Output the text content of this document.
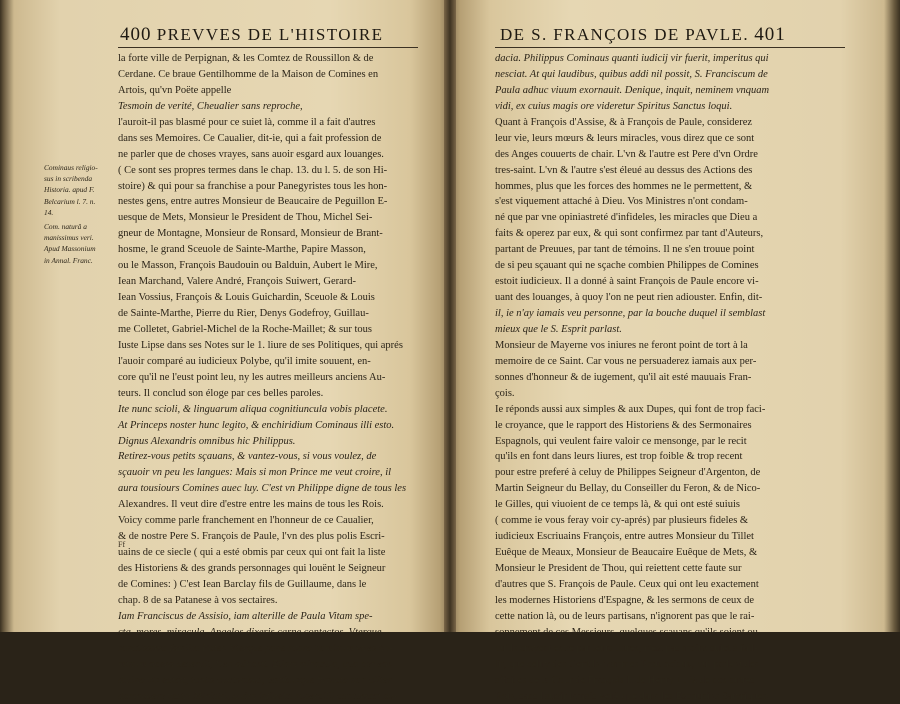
400 PREVVES DE L'HISTOIRE
Cominaus religio-
sus in scribenda
Historia. apud F.
Belcarium l. 7. n.
14.
Com. naturâ a
manissimus veri.
Apud Massonium
in Annal. Franc.
la forte ville de Perpignan, & les Comtez de Roussillon & de
Cerdane. Ce braue Gentilhomme de la Maison de Comines en
Artois, qu'vn Poëte appelle
Tesmoin de verité, Cheualier sans reproche,
l'auroit-il pas blasmé pour ce suiet là, comme il a fait d'autres
dans ses Memoires. Ce Caualier, dit-ie, qui a fait profession de
ne parler que de choses vrayes, sans auoir esgard aux louanges.
( Ce sont ses propres termes dans le chap. 13. du l. 5. de son Hi-
stoire) & qui pour sa franchise a pour Panegyristes tous les hon-
nestes gens, entre autres Monsieur de Beaucaire de Peguillon E-
uesque de Mets, Monsieur le President de Thou, Michel Sei-
gneur de Montagne, Monsieur de Ronsard, Monsieur de Brant-
hosme, le grand Sceuole de Sainte-Marthe, Papire Masson,
ou le Masson, François Baudouin ou Balduin, Aubert le Mire,
Iean Marchand, Valere André, François Suiwert, Gerard-
Iean Vossius, François & Louis Guichardin, Sceuole & Louis
de Sainte-Marthe, Pierre du Rier, Denys Godefroy, Guillau-
me Colletet, Gabriel-Michel de la Roche-Maillet; & sur tous
Iuste Lipse dans ses Notes sur le 1. liure de ses Politiques, qui aprés
l'auoir comparé au iudicieux Polybe, qu'il imite souuent, en-
core qu'il ne l'eust point leu, ny les autres meilleurs anciens Au-
teurs. Il conclud son éloge par ces belles paroles.
Ite nunc scioli, & linguarum aliqua cognitiuncula vobis placete.
At Princeps noster hunc legito, & enchiridium Cominaus illi esto.
Dignus Alexandris omnibus hic Philippus.
Retirez-vous petits sçauans, & vantez-vous, si vous voulez, de
sçauoir vn peu les langues: Mais si mon Prince me veut croire, il
aura tousiours Comines auec luy. C'est vn Philippe digne de tous les
Alexandres. Il veut dire d'estre entre les mains de tous les Rois.
Voicy comme parle franchement en l'honneur de ce Caualier,
& de nostre Pere S. François de Paule, l'vn des plus polis Escri-
uains de ce siecle ( qui a esté obmis par ceux qui ont fait la liste
des Historiens & des grands personnages qui louënt le Seigneur
de Comines: ) C'est Iean Barclay fils de Guillaume, dans le
chap. 8 de sa Patanese à vos sectaires.
Iam Franciscus de Assisio, iam alterille de Paula Vitam spe-
cta, mores, miracula, Angelos dixeris carne contectos. Vterque
sanctissima familia Pater. Vterque pane supra hominum vires ho-
minum opera deseruit, Deo adhasit. Etiam miracula, qua per eos
diuina vis edidit, tantis auctoribus, testibusque firmata non aliter
damnauere vestri Ministri, quàm infidelis supercilij contumaci au-
Ff
DE S. FRANÇOIS DE PAVLE. 401
dacia. Philippus Cominaus quanti iudicij vir fuerit, imperitus qui
nesciat. At qui laudibus, quibus addi nil possit, S. Franciscum de
Paula adhuc viuum exornauit. Denique, inquit, neminem vnquam
vidi, ex cuius magis ore videretur Spiritus Sanctus loqui.
Quant à François d'Assise, & à François de Paule, considerez
leur vie, leurs mœurs & leurs miracles, vous direz que ce sont
des Anges couuerts de chair. L'vn & l'autre est Pere d'vn Ordre
tres-saint. L'vn & l'autre s'est éleué au dessus des Actions des
hommes, plus que les forces des hommes ne le permettent, &
s'est viquement attaché à Dieu. Vos Ministres n'ont condam-
né que par vne opiniastreté d'infideles, les miracles que Dieu a
faits & operez par eux, & qui sont confirmez par tant d'Auteurs,
partant de Preuues, par tant de témoins. Il ne s'en trouue point
de si peu sçauant qui ne sçache combien Philippes de Comines
estoit iudicieux. Il a donné à saint François de Paule encore vi-
uant des louanges, à quoy l'on ne peut rien adiouster. Enfin, dit-
il, ie n'ay iamais veu personne, par la bouche duquel il semblast
mieux que le S. Esprit parlast.
Monsieur de Mayerne vos iniures ne feront point de tort à la
memoire de ce Saint. Car vous ne persuaderez iamais aux per-
sonnes d'honneur & de iugement, qu'il ait esté mauuais Fran-
çois.
Ie réponds aussi aux simples & aux Dupes, qui font de trop faci-
le croyance, que le rapport des Historiens & des Sermonaires
Espagnols, qui veulent faire valoir ce mensonge, par le recit
qu'ils en font dans leurs liures, est trop foible & trop recent
pour estre preferé à celuy de Philippes Seigneur d'Argenton, de
Martin Seigneur du Bellay, du Conseiller du Feron, & de Nico-
le Gilles, qui viuoient de ce temps là, & qui ont esté suiuis
( comme ie vous feray voir cy-aprés) par plusieurs fideles &
iudicieux Escriuains François, entre autres Monsieur du Tillet
Euêque de Meaux, Monsieur de Beaucaire Euêque de Mets, &
Monsieur le President de Thou, qui reiettent cette faute sur
d'autres que S. François de Paule. Ceux qui ont leu exactement
les modernes Historiens d'Espagne, & les sermons de ceux de
cette nation là, ou de leurs partisans, n'ignorent pas que le rai-
sonnement de ces Messieurs, quelques sçauans qu'ils soient ou
qu'ils croyent estre par leurs liures, n'est pas moins suiet à fail-
lir, que celuy des Gentils-hommes Prouinciaux, qui parlent des
affaires de la Cour de François I. de Henry II. & de nos autres
Rois, sans l'auoir iamais veuë que dans les Escriuains Satyriques.
